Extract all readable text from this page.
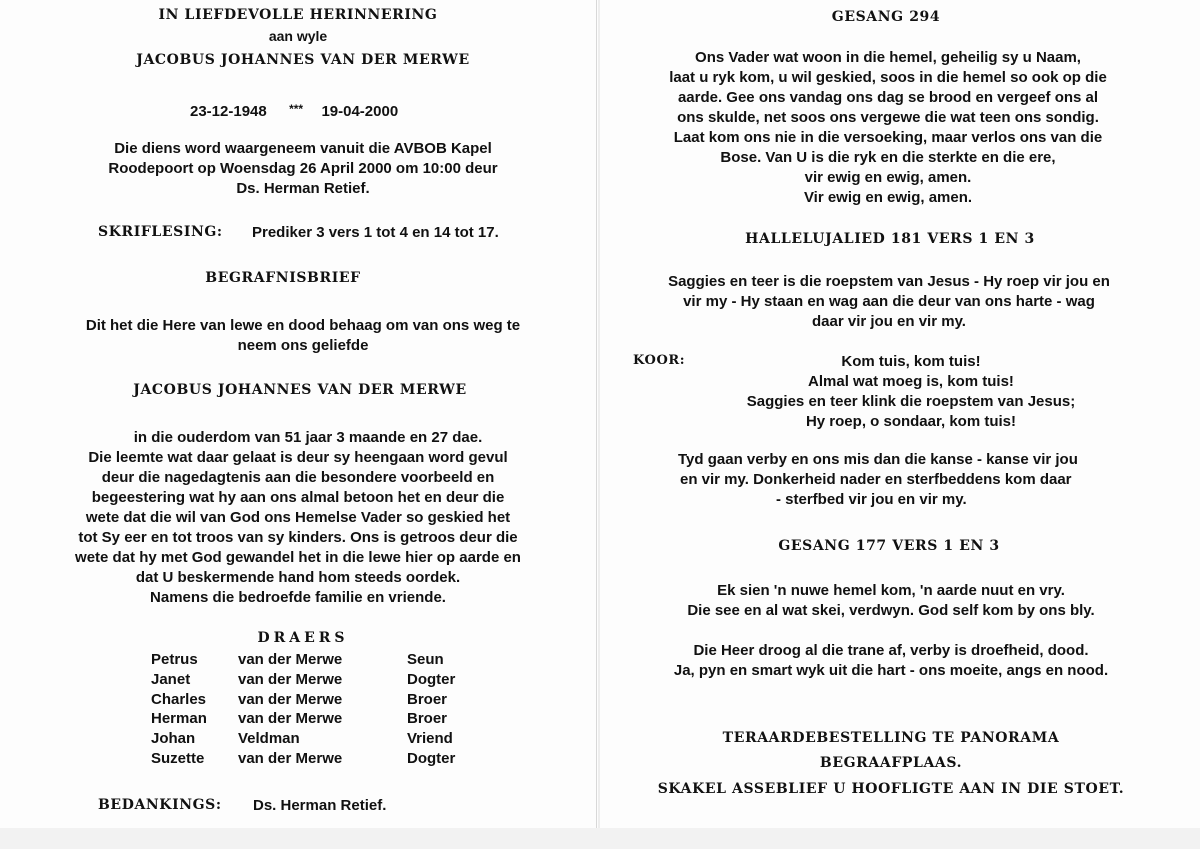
IN LIEFDEVOLLE HERINNERING
aan wyle
JACOBUS JOHANNES VAN DER MERWE
23-12-1948 *** 19-04-2000
Die diens word waargeneem vanuit die AVBOB Kapel
Roodepoort op Woensdag 26 April 2000 om 10:00 deur
Ds. Herman Retief.
SKRIFLESING: Prediker 3 vers 1 tot 4 en 14 tot 17.
BEGRAFNISBRIEF
Dit het die Here van lewe en dood behaag om van ons weg te
neem ons geliefde
JACOBUS JOHANNES VAN DER MERWE
in die ouderdom van 51 jaar 3 maande en 27 dae.
Die leemte wat daar gelaat is deur sy heengaan word gevul
deur die nagedagtenis aan die besondere voorbeeld en
begeestering wat hy aan ons almal betoon het en deur die
wete dat die wil van God ons Hemelse Vader so geskied het
tot Sy eer en tot troos van sy kinders. Ons is getroos deur die
wete dat hy met God gewandel het in die lewe hier op aarde en
dat U beskermende hand hom steeds oordek.
Namens die bedroefde familie en vriende.
DRAERS
Petrus	van der Merwe	Seun
Janet	van der Merwe	Dogter
Charles van der Merwe	Broer
Herman van der Merwe	Broer
Johan	Veldman	Vriend
Suzette van der Merwe	Dogter
BEDANKINGS: Ds. Herman Retief.
GESANG 294
Ons Vader wat woon in die hemel, geheilig sy u Naam,
laat u ryk kom, u wil geskied, soos in die hemel so ook op die
aarde. Gee ons vandag ons dag se brood en vergeef ons al
ons skulde, net soos ons vergewe die wat teen ons sondig.
Laat kom ons nie in die versoeking, maar verlos ons van die
Bose. Van U is die ryk en die sterkte en die ere,
vir ewig en ewig, amen.
Vir ewig en ewig, amen.
HALLELUJALIED 181 VERS 1 EN 3
Saggies en teer is die roepstem van Jesus - Hy roep vir jou en
vir my - Hy staan en wag aan die deur van ons harte - wag
daar vir jou en vir my.
KOOR:	Kom tuis, kom tuis!
Almal wat moeg is, kom tuis!
Saggies en teer klink die roepstem van Jesus;
Hy roep, o sondaar, kom tuis!
Tyd gaan verby en ons mis dan die kanse - kanse vir jou
en vir my. Donkerheid nader en sterfbeddens kom daar
- sterfbed vir jou en vir my.
GESANG 177 VERS 1 EN 3
Ek sien 'n nuwe hemel kom, 'n aarde nuut en vry.
Die see en al wat skei, verdwyn. God self kom by ons bly.
Die Heer droog al die trane af, verby is droefheid, dood.
Ja, pyn en smart wyk uit die hart - ons moeite, angs en nood.
TERAARDEBESTELLING TE PANORAMA
BEGRAAFPLAAS.
SKAKEL ASSEBLIEF U HOOFLIGTE AAN IN DIE STOET.
